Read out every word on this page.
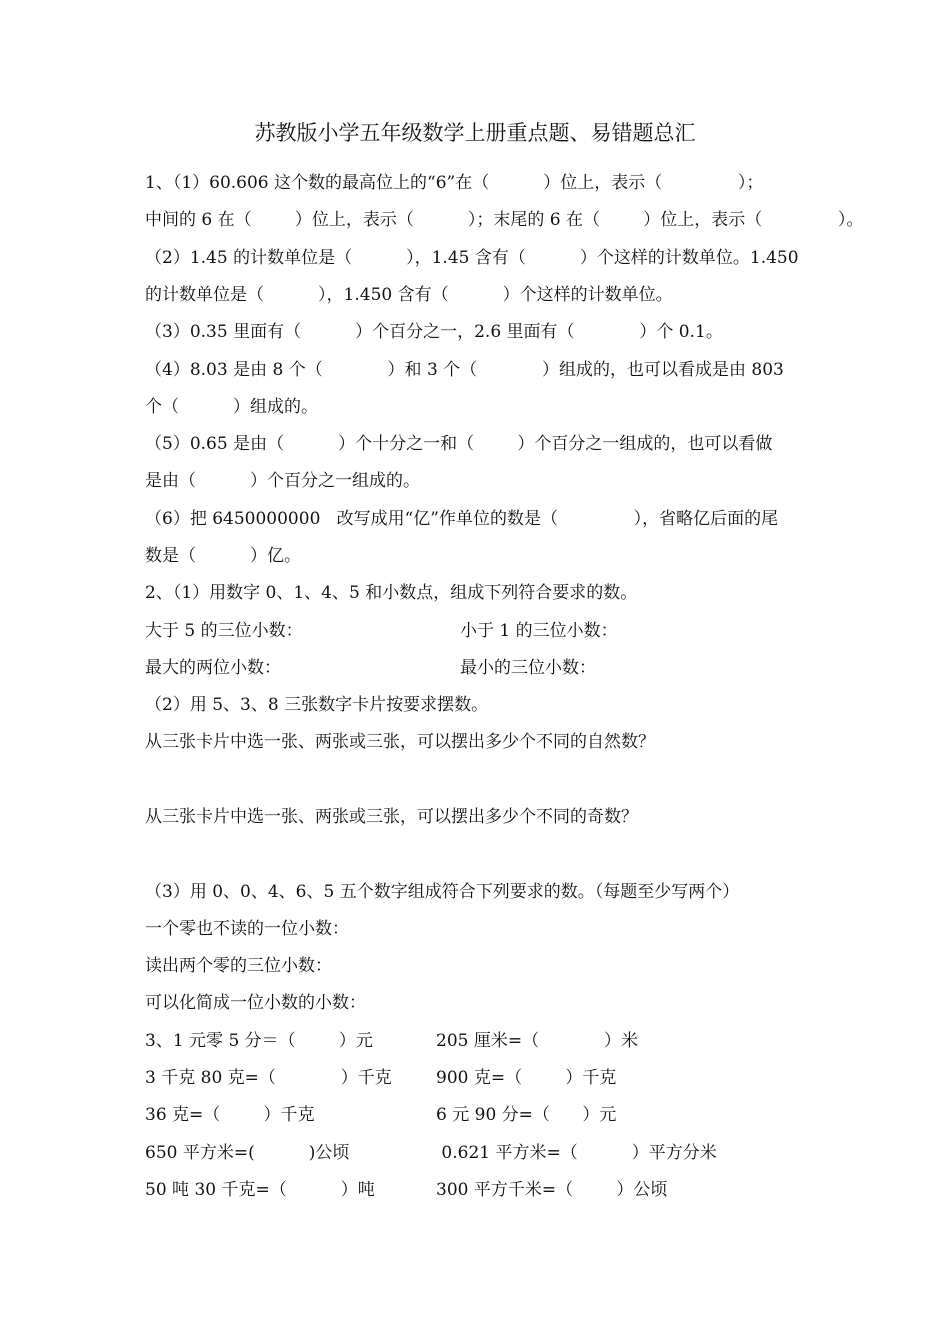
苏教版小学五年级数学上册重点题、易错题总汇
1、（1）60.606 这个数的最高位上的“6”在（          ）位上，表示（              ）；
中间的 6 在（        ）位上，表示（          ）；末尾的 6 在（        ）位上，表示（              ）。
（2）1.45 的计数单位是（          ），1.45 含有（          ）个这样的计数单位。1.450
的计数单位是（          ），1.450 含有（          ）个这样的计数单位。
（3）0.35 里面有（          ）个百分之一，2.6 里面有（            ）个 0.1。
（4）8.03 是由 8 个（            ）和 3 个（            ）组成的，也可以看成是由 803
个（          ）组成的。
（5）0.65 是由（          ）个十分之一和（        ）个百分之一组成的，也可以看做
是由（          ）个百分之一组成的。
（6）把 6450000000   改写成用“亿”作单位的数是（              ），省略亿后面的尾
数是（          ）亿。
2、（1）用数字 0、1、4、5 和小数点，组成下列符合要求的数。
大于 5 的三位小数：	小于 1 的三位小数：
最大的两位小数：	最小的三位小数：
（2）用 5、3、8 三张数字卡片按要求摆数。
从三张卡片中选一张、两张或三张，可以摆出多少个不同的自然数？
从三张卡片中选一张、两张或三张，可以摆出多少个不同的奇数？
（3）用 0、0、4、6、5 五个数字组成符合下列要求的数。（每题至少写两个）
一个零也不读的一位小数：
读出两个零的三位小数：
可以化简成一位小数的小数：
3、1 元零 5 分＝（        ）元	205 厘米=（            ）米
3 千克 80 克=（            ）千克	900 克=（        ）千克
36 克=（        ）千克	6 元 90 分=（      ）元
650 平方米=(          )公顷	0.621 平方米=（          ）平方分米
50 吨 30 千克=（          ）吨	300 平方千米=（        ）公顷
